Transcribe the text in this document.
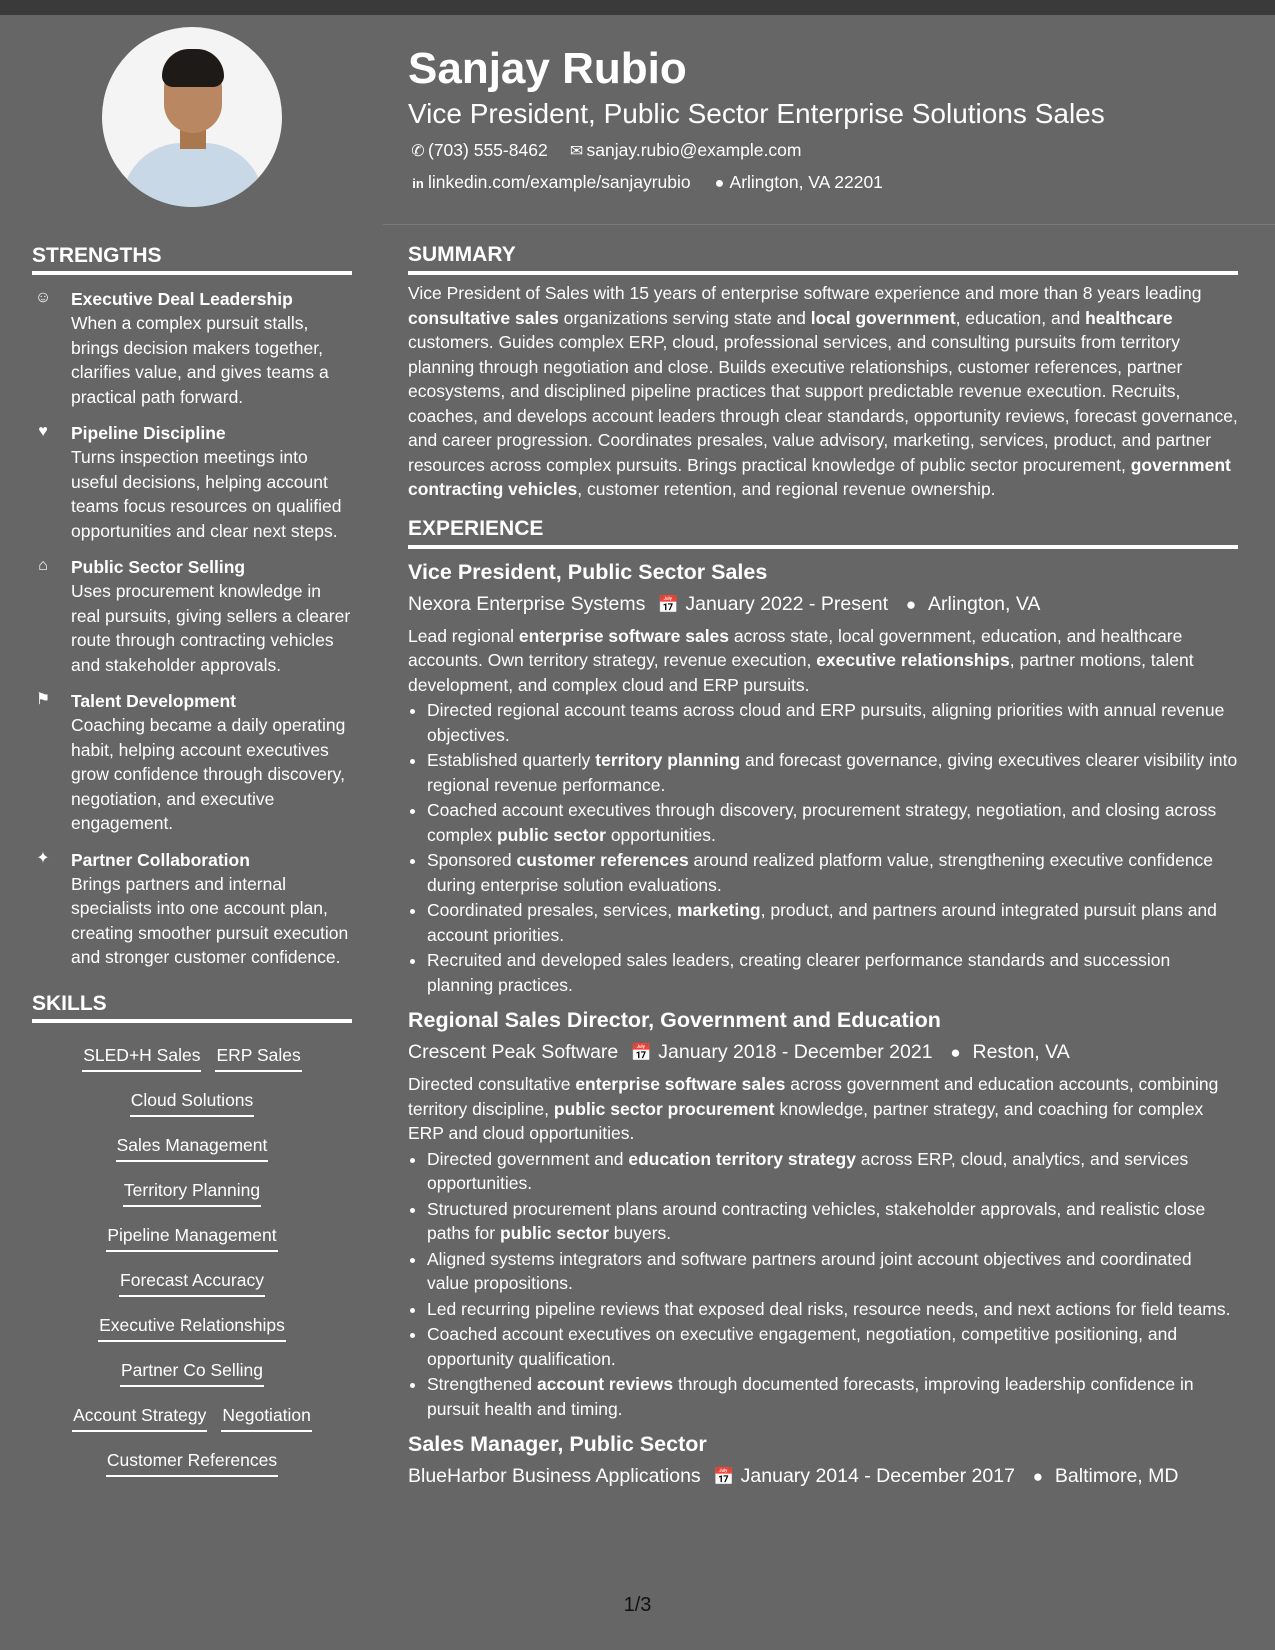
STRENGTHS
☺ Executive Deal Leadership
When a complex pursuit stalls, brings decision makers together, clarifies value, and gives teams a practical path forward.
♥	Pipeline Discipline
Turns inspection meetings into useful decisions, helping account teams focus resources on qualified opportunities and clear next steps.
⌂	Public Sector Selling
Uses procurement knowledge in real pursuits, giving sellers a clearer route through contracting vehicles and stakeholder approvals.
⚑ Talent Development
Coaching became a daily operating habit, helping account executives grow confidence through discovery, negotiation, and executive engagement.
✦ Partner Collaboration
Brings partners and internal specialists into one account plan, creating smoother pursuit execution and stronger customer confidence.
SKILLS
SLED+H Sales ERP Sales
Cloud Solutions
Sales Management
Territory Planning
Pipeline Management
Forecast Accuracy
Executive Relationships
Partner Co Selling
Account Strategy Negotiation
Customer References
Sanjay Rubio
Vice President, Public Sector Enterprise Solutions Sales
✆ (703) 555-8462 ✉ sanjay.rubio@example.com
in linkedin.com/example/sanjayrubio ● Arlington, VA 22201
SUMMARY
Vice President of Sales with 15 years of enterprise software experience and more than 8 years leading consultative sales organizations serving state and local government, education, and healthcare customers. Guides complex ERP, cloud, professional services, and consulting pursuits from territory planning through negotiation and close. Builds executive relationships, customer references, partner ecosystems, and disciplined pipeline practices that support predictable revenue execution. Recruits, coaches, and develops account leaders through clear standards, opportunity reviews, forecast governance, and career progression. Coordinates presales, value advisory, marketing, services, product, and partner resources across complex pursuits. Brings practical knowledge of public sector procurement, government contracting vehicles, customer retention, and regional revenue ownership.
EXPERIENCE
Vice President, Public Sector Sales
Nexora Enterprise Systems 📅 January 2022 - Present ● Arlington, VA
Lead regional enterprise software sales across state, local government, education, and healthcare accounts. Own territory strategy, revenue execution, executive relationships, partner motions, talent development, and complex cloud and ERP pursuits.
• Directed regional account teams across cloud and ERP pursuits, aligning priorities with annual revenue objectives.
• Established quarterly territory planning and forecast governance, giving executives clearer visibility into regional revenue performance.
• Coached account executives through discovery, procurement strategy, negotiation, and closing across complex public sector opportunities.
• Sponsored customer references around realized platform value, strengthening executive confidence during enterprise solution evaluations.
• Coordinated presales, services, marketing, product, and partners around integrated pursuit plans and account priorities.
• Recruited and developed sales leaders, creating clearer performance standards and succession planning practices.
Regional Sales Director, Government and Education
Crescent Peak Software 📅 January 2018 - December 2021 ● Reston, VA
Directed consultative enterprise software sales across government and education accounts, combining territory discipline, public sector procurement knowledge, partner strategy, and coaching for complex ERP and cloud opportunities.
• Directed government and education territory strategy across ERP, cloud, analytics, and services opportunities.
• Structured procurement plans around contracting vehicles, stakeholder approvals, and realistic close paths for public sector buyers.
• Aligned systems integrators and software partners around joint account objectives and coordinated value propositions.
• Led recurring pipeline reviews that exposed deal risks, resource needs, and next actions for field teams.
• Coached account executives on executive engagement, negotiation, competitive positioning, and opportunity qualification.
• Strengthened account reviews through documented forecasts, improving leadership confidence in pursuit health and timing.
Sales Manager, Public Sector
BlueHarbor Business Applications 📅 January 2014 - December 2017 ● Baltimore, MD
1/3
